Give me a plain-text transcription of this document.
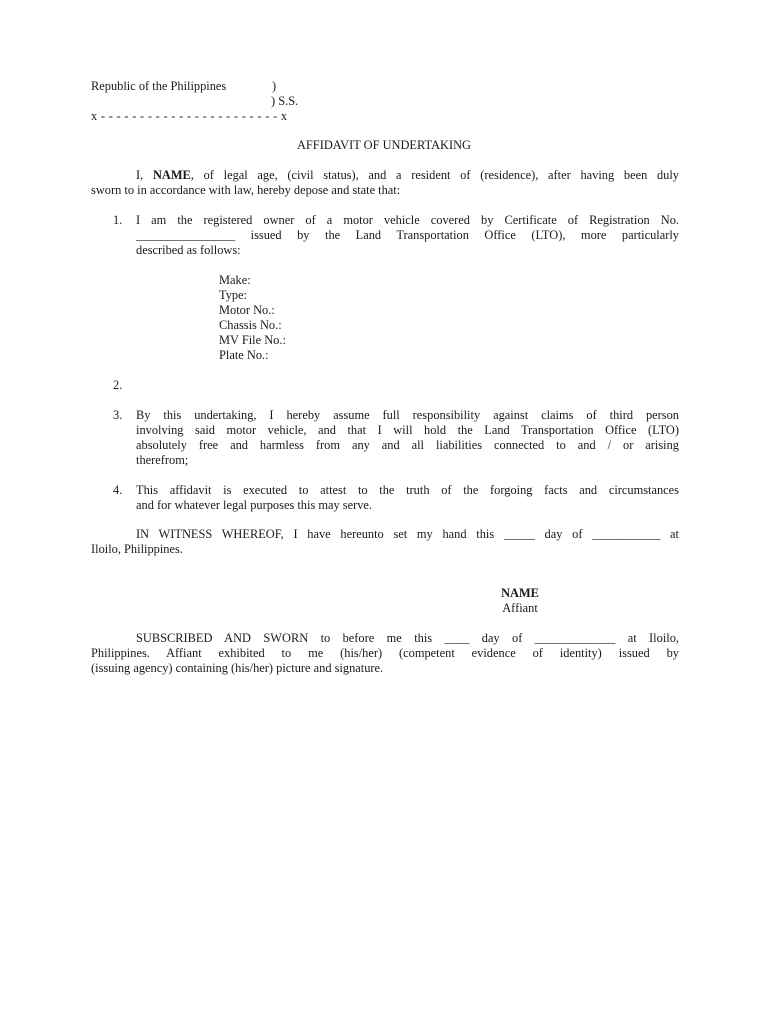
Republic of the Philippines	)
) S.S.
x - - - - - - - - - - - - - - - - - - - - - - - x
AFFIDAVIT OF UNDERTAKING
I, NAME, of legal age, (civil status), and a resident of (residence), after having been duly
sworn to in accordance with law, hereby depose and state that:
1. I am the registered owner of a motor vehicle covered by Certificate of Registration No.
________________ issued by the Land Transportation Office (LTO), more particularly
described as follows:
Make:
Type:
Motor No.:
Chassis No.:
MV File No.:
Plate No.:
2.
3. By this undertaking, I hereby assume full responsibility against claims of third person
involving said motor vehicle, and that I will hold the Land Transportation Office (LTO)
absolutely free and harmless from any and all liabilities connected to and / or arising
therefrom;
4. This affidavit is executed to attest to the truth of the forgoing facts and circumstances
and for whatever legal purposes this may serve.
IN WITNESS WHEREOF, I have hereunto set my hand this _____ day of ___________ at
Iloilo, Philippines.
NAME
Affiant
SUBSCRIBED AND SWORN to before me this ____ day of _____________ at Iloilo,
Philippines. Affiant exhibited to me (his/her) (competent evidence of identity) issued by
(issuing agency) containing (his/her) picture and signature.
